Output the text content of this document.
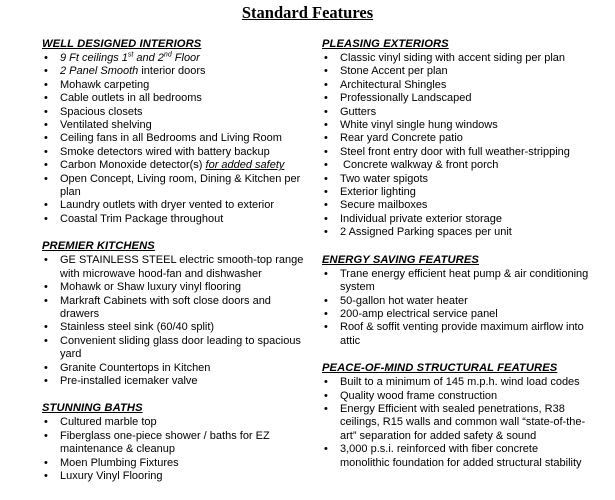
Standard Features
WELL DESIGNED INTERIORS
• 9 Ft ceilings 1st and 2nd Floor
• 2 Panel Smooth interior doors
• Mohawk carpeting
• Cable outlets in all bedrooms
• Spacious closets
• Ventilated shelving
• Ceiling fans in all Bedrooms and Living Room
• Smoke detectors wired with battery backup
• Carbon Monoxide detector(s) for added safety
• Open Concept, Living room, Dining & Kitchen per plan
• Laundry outlets with dryer vented to exterior
• Coastal Trim Package throughout
PREMIER KITCHENS
• GE STAINLESS STEEL electric smooth-top range with microwave hood-fan and dishwasher
• Mohawk or Shaw luxury vinyl flooring
• Markraft Cabinets with soft close doors and drawers
• Stainless steel sink (60/40 split)
• Convenient sliding glass door leading to spacious yard
• Granite Countertops in Kitchen
• Pre-installed icemaker valve
STUNNING BATHS
• Cultured marble top
• Fiberglass one-piece shower / baths for EZ maintenance & cleanup
• Moen Plumbing Fixtures
• Luxury Vinyl Flooring
PLEASING EXTERIORS
• Classic vinyl siding with accent siding per plan
• Stone Accent per plan
• Architectural Shingles
• Professionally Landscaped
• Gutters
• White vinyl single hung windows
• Rear yard Concrete patio
• Steel front entry door with full weather-stripping
•  Concrete walkway & front porch
• Two water spigots
• Exterior lighting
• Secure mailboxes
• Individual private exterior storage
• 2 Assigned Parking spaces per unit
ENERGY SAVING FEATURES
• Trane energy efficient heat pump & air conditioning system
• 50-gallon hot water heater
• 200-amp electrical service panel
• Roof & soffit venting provide maximum airflow into attic
PEACE-OF-MIND STRUCTURAL FEATURES
• Built to a minimum of 145 m.p.h. wind load codes
• Quality wood frame construction
• Energy Efficient with sealed penetrations, R38 ceilings, R15 walls and common wall “state-of-the-art” separation for added safety & sound
• 3,000 p.s.i. reinforced with fiber concrete monolithic foundation for added structural stability
